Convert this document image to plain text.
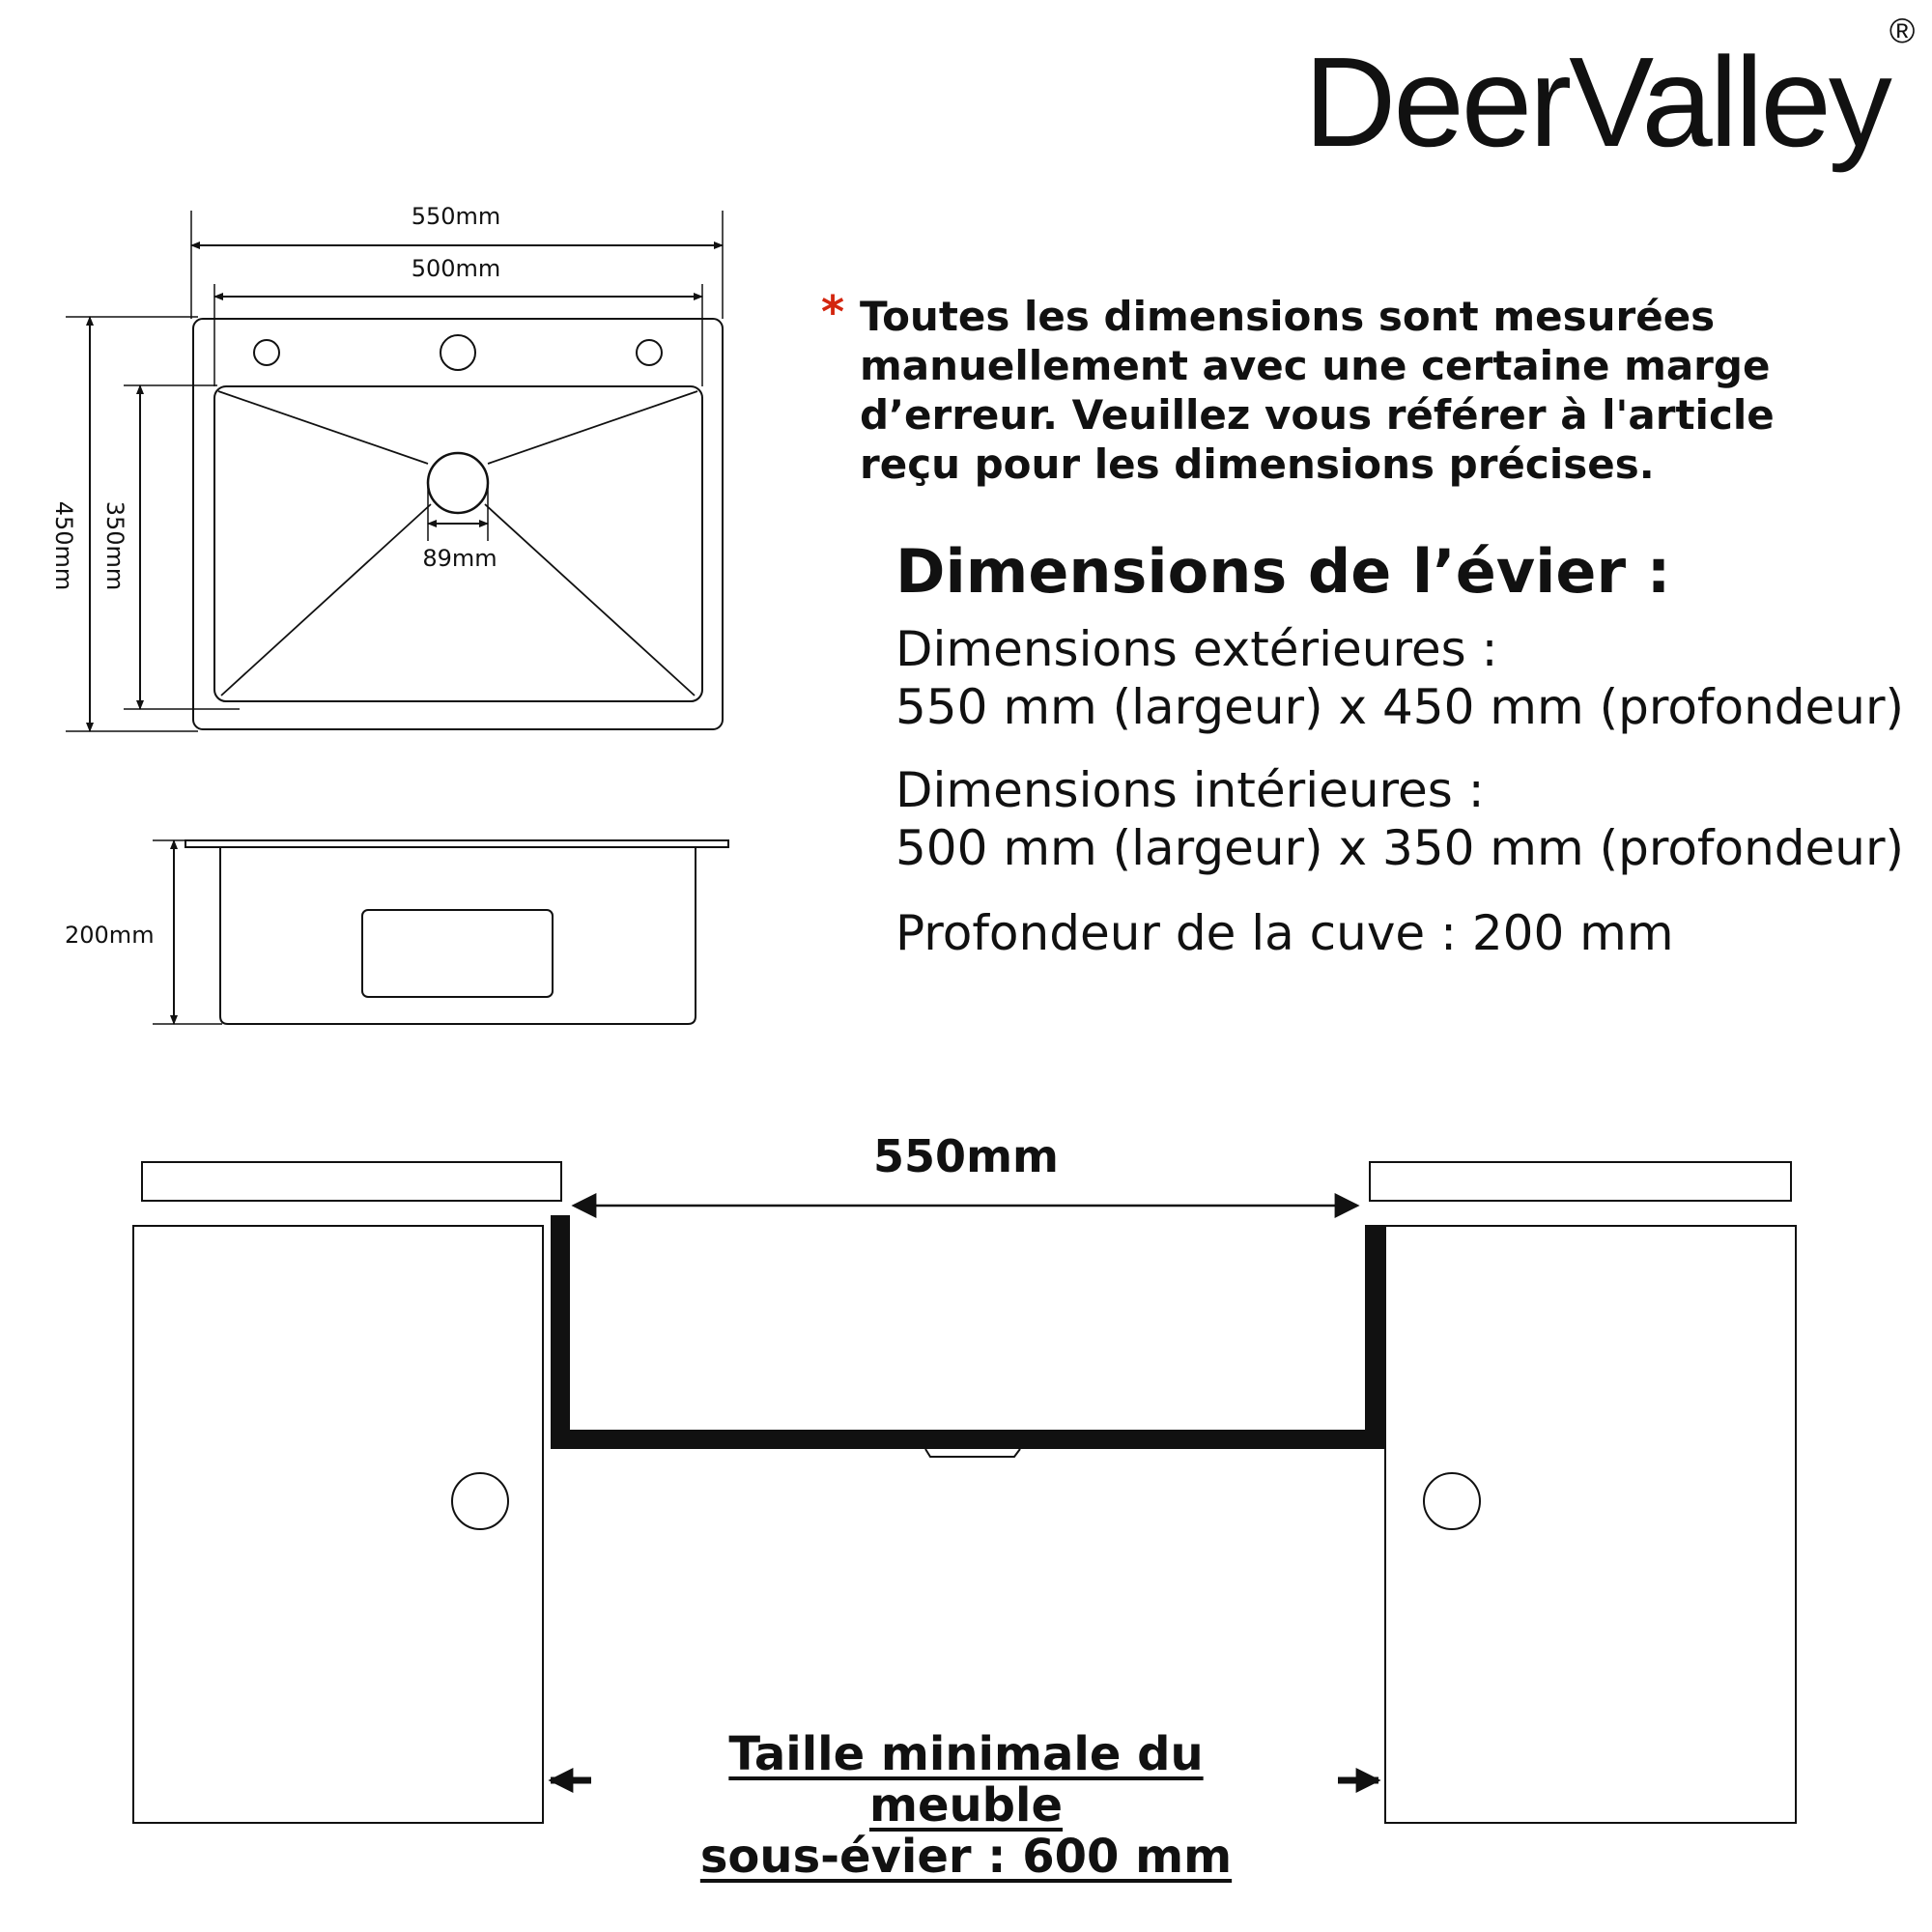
DeerValley®
550mm
500mm
450mm 350mm	89mm
200mm
550mm
* Toutes les dimensions sont mesurées
manuellement avec une certaine marge
d’erreur. Veuillez vous référer à l'article
reçu pour les dimensions précises.
Dimensions de l’évier :
Dimensions extérieures :
550 mm (largeur) x 450 mm (profondeur)
Dimensions intérieures :
500 mm (largeur) x 350 mm (profondeur)
Profondeur de la cuve : 200 mm
Taille minimale du meuble
sous-évier : 600 mm
